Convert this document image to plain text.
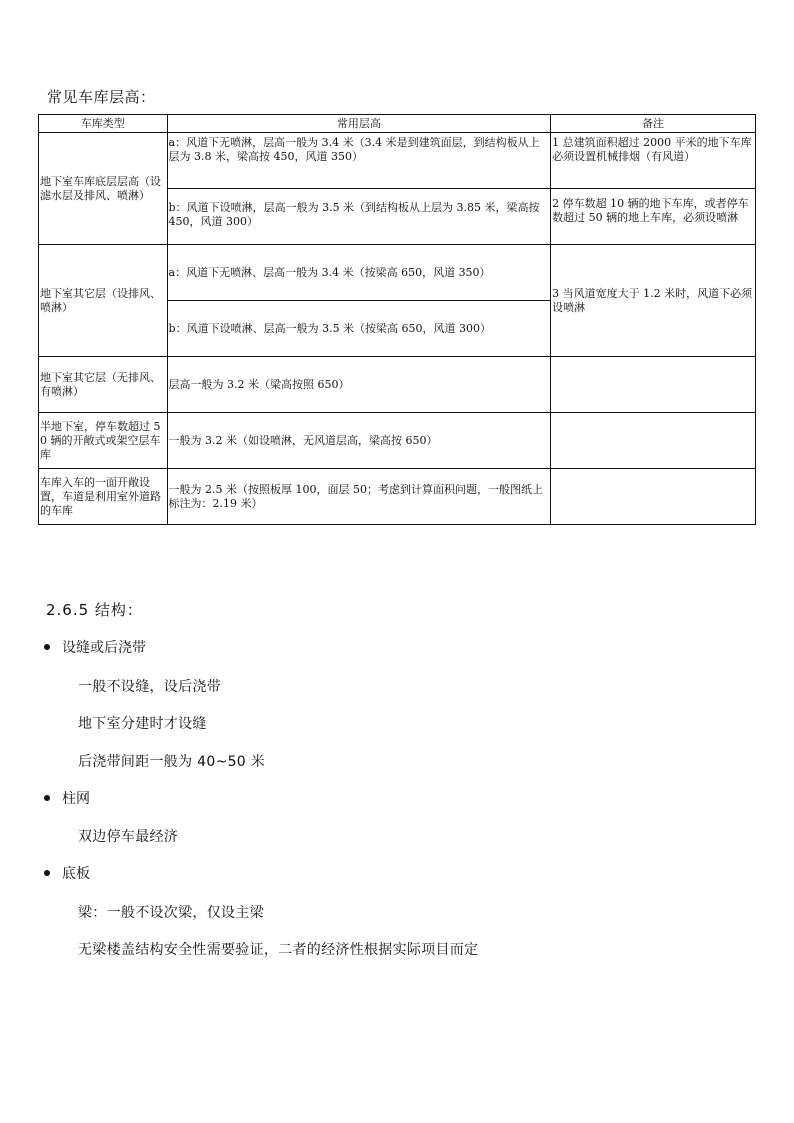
常见车库层高：
车库类型	常用层高	备注
地下室车库底层层高（设滤水层及排风、喷淋）	a：风道下无喷淋，层高一般为 3.4 米（3.4 米是到建筑面层，到结构板从上层为 3.8 米，梁高按 450，风道 350）	1 总建筑面积超过 2000 平米的地下车库必须设置机械排烟（有风道）
	b：风道下设喷淋，层高一般为 3.5 米（到结构板从上层为 3.85 米，梁高按 450，风道 300）	2 停车数超 10 辆的地下车库，或者停车数超过 50 辆的地上车库，必须设喷淋
地下室其它层（设排风、喷淋）	a：风道下无喷淋、层高一般为 3.4 米（按梁高 650，风道 350）	3 当风道宽度大于 1.2 米时，风道下必须设喷淋
	b：风道下设喷淋、层高一般为 3.5 米（按梁高 650，风道 300）	
地下室其它层（无排风、有喷淋）	层高一般为 3.2 米（梁高按照 650）	
半地下室，停车数超过 50 辆的开敞式或架空层车库	一般为 3.2 米（如设喷淋，无风道层高，梁高按 650）	
车库入车的一面开敞设置，车道是利用室外道路的车库	一般为 2.5 米（按照板厚 100，面层 50；考虑到计算面积问题，一般图纸上标注为：2.19 米）	
2.6.5 结构：
设缝或后浇带
一般不设缝，设后浇带
地下室分建时才设缝
后浇带间距一般为 40~50 米
柱网
双边停车最经济
底板
梁：一般不设次梁，仅设主梁
无梁楼盖结构安全性需要验证，二者的经济性根据实际项目而定
